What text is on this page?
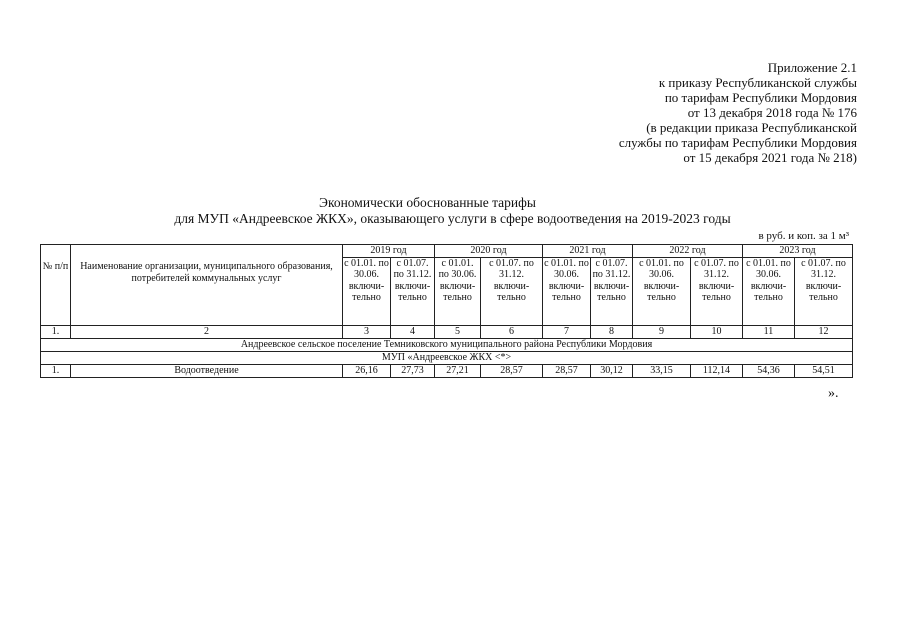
Приложение 2.1
к приказу Республиканской службы
по тарифам Республики Мордовия
от 13 декабря 2018 года № 176
(в редакции приказа Республиканской
службы по тарифам Республики Мордовия
от 15 декабря 2021 года № 218)
Экономически обоснованные тарифы
для МУП «Андреевское ЖКХ», оказывающего услуги в сфере водоотведения на 2019-2023 годы
в руб. и коп. за 1 м³
№ п/п	Наименование организации, муниципального образования, потребителей коммунальных услуг	2019 год		2020 год		2021 год		2022 год		2023 год	
		с 01.01. по 30.06. включи-тельно	с 01.07. по 31.12. включи-тельно	с 01.01. по 30.06. включи-тельно	с 01.07. по 31.12. включи-тельно	с 01.01. по 30.06. включи-тельно	с 01.07. по 31.12. включи-тельно	с 01.01. по 30.06. включи-тельно	с 01.07. по 31.12. включи-тельно	с 01.01. по 30.06. включи-тельно	с 01.07. по 31.12. включи-тельно
1.	2	3	4	5	6	7	8	9	10	11	12
Андреевское сельское поселение Темниковского муниципального района Республики Мордовия											
МУП «Андреевское ЖКХ <*>											
1.	Водоотведение	26,16	27,73	27,21	28,57	28,57	30,12	33,15	112,14	54,36	54,51
».
